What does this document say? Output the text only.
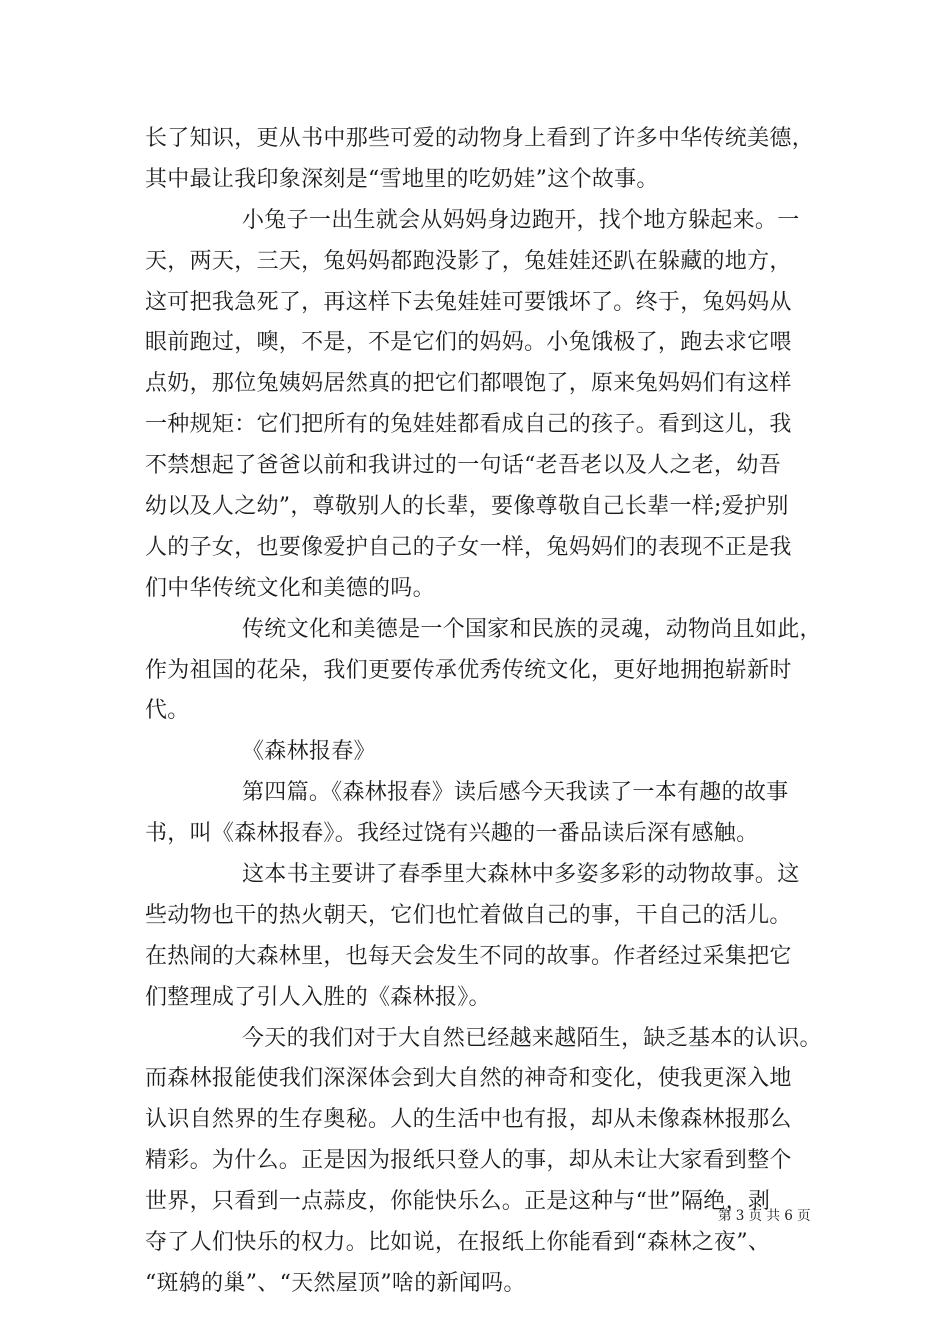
长了知识，更从书中那些可爱的动物身上看到了许多中华传统美德，
其中最让我印象深刻是“雪地里的吃奶娃”这个故事。
小兔子一出生就会从妈妈身边跑开，找个地方躲起来。一
天，两天，三天，兔妈妈都跑没影了，兔娃娃还趴在躲藏的地方，
这可把我急死了，再这样下去兔娃娃可要饿坏了。终于，兔妈妈从
眼前跑过，噢，不是，不是它们的妈妈。小兔饿极了，跑去求它喂
点奶，那位兔姨妈居然真的把它们都喂饱了，原来兔妈妈们有这样
一种规矩：它们把所有的兔娃娃都看成自己的孩子。看到这儿，我
不禁想起了爸爸以前和我讲过的一句话“老吾老以及人之老，幼吾
幼以及人之幼”，尊敬别人的长辈，要像尊敬自己长辈一样;爱护别
人的子女，也要像爱护自己的子女一样，兔妈妈们的表现不正是我
们中华传统文化和美德的吗。
传统文化和美德是一个国家和民族的灵魂，动物尚且如此，
作为祖国的花朵，我们更要传承优秀传统文化，更好地拥抱崭新时
代。
《森林报春》
第四篇。《森林报春》读后感今天我读了一本有趣的故事
书，叫《森林报春》。我经过饶有兴趣的一番品读后深有感触。
这本书主要讲了春季里大森林中多姿多彩的动物故事。这
些动物也干的热火朝天，它们也忙着做自己的事，干自己的活儿。
在热闹的大森林里，也每天会发生不同的故事。作者经过采集把它
们整理成了引人入胜的《森林报》。
今天的我们对于大自然已经越来越陌生，缺乏基本的认识。
而森林报能使我们深深体会到大自然的神奇和变化，使我更深入地
认识自然界的生存奥秘。人的生活中也有报，却从未像森林报那么
精彩。为什么。正是因为报纸只登人的事，却从未让大家看到整个
世界，只看到一点蒜皮，你能快乐么。正是这种与“世”隔绝，剥
夺了人们快乐的权力。比如说，在报纸上你能看到“森林之夜”、
“斑鸫的巢”、“天然屋顶”啥的新闻吗。
第 3 页 共 6 页
